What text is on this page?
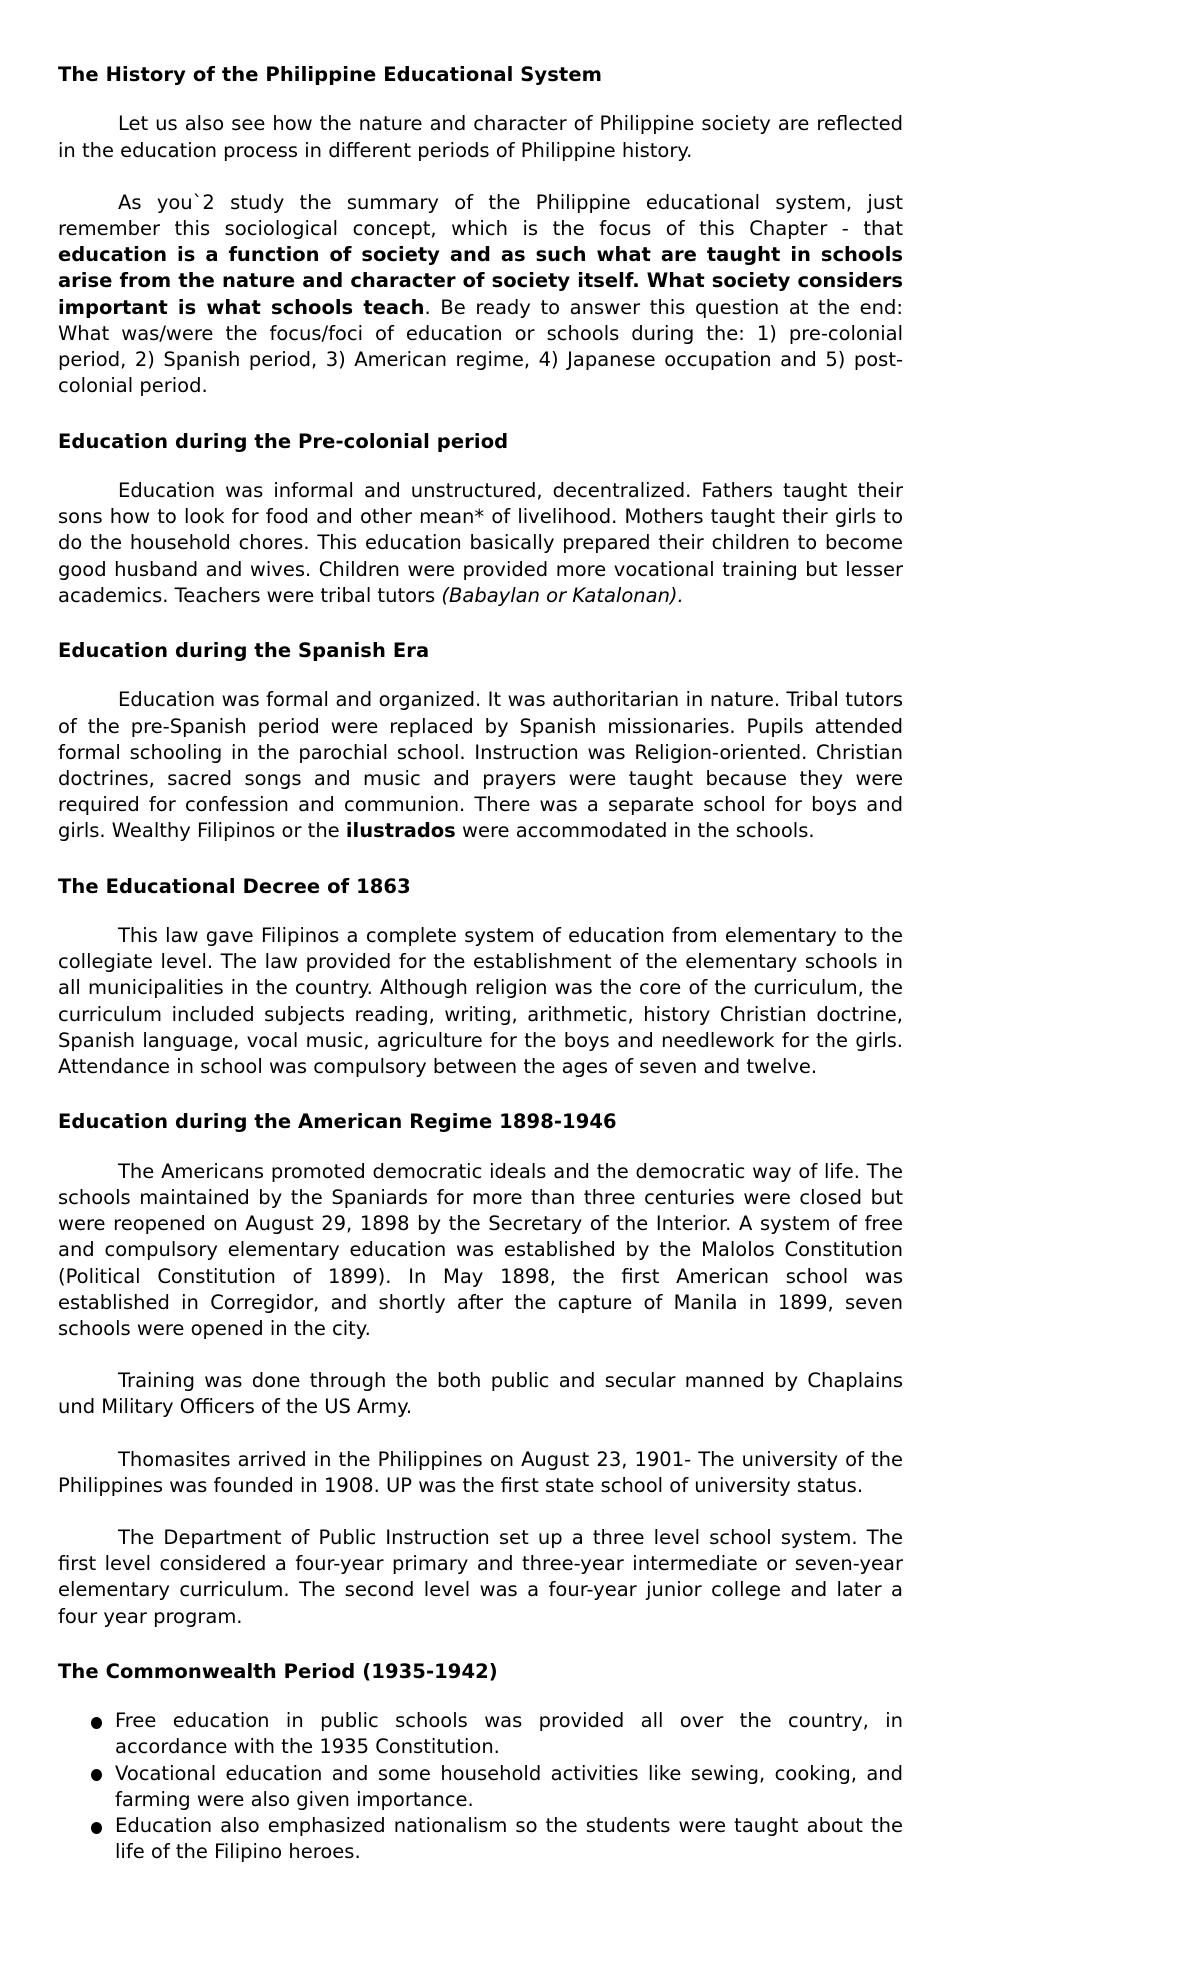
The History of the Philippine Educational System

Let us also see how the nature and character of Philippine society are reflected in the education process in different periods of Philippine history.

As you`2 study the summary of the Philippine educational system, just remember this sociological concept, which is the focus of this Chapter - that education is a function of society and as such what are taught in schools arise from the nature and character of society itself. What society considers important is what schools teach. Be ready to answer this question at the end: What was/were the focus/foci of education or schools during the: 1) pre-colonial period, 2) Spanish period, 3) American regime, 4) Japanese occupation and 5) post-colonial period.

Education during the Pre-colonial period

Education was informal and unstructured, decentralized. Fathers taught their sons how to look for food and other mean* of livelihood. Mothers taught their girls to do the household chores. This education basically prepared their children to become good husband and wives. Children were provided more vocational training but lesser academics. Teachers were tribal tutors (Babaylan or Katalonan).

Education during the Spanish Era

Education was formal and organized. It was authoritarian in nature. Tribal tutors of the pre-Spanish period were replaced by Spanish missionaries. Pupils attended formal schooling in the parochial school. Instruction was Religion-oriented. Christian doctrines, sacred songs and music and prayers were taught because they were required for confession and communion. There was a separate school for boys and girls. Wealthy Filipinos or the ilustrados were accommodated in the schools.

The Educational Decree of 1863

This law gave Filipinos a complete system of education from elementary to the collegiate level. The law provided for the establishment of the elementary schools in all municipalities in the country. Although religion was the core of the curriculum, the curriculum included subjects reading, writing, arithmetic, history Christian doctrine, Spanish language, vocal music, agriculture for the boys and needlework for the girls. Attendance in school was compulsory between the ages of seven and twelve.

Education during the American Regime 1898-1946

The Americans promoted democratic ideals and the democratic way of life. The schools maintained by the Spaniards for more than three centuries were closed but were reopened on August 29, 1898 by the Secretary of the Interior. A system of free and compulsory elementary education was established by the Malolos Constitution (Political Constitution of 1899). In May 1898, the first American school was established in Corregidor, and shortly after the capture of Manila in 1899, seven schools were opened in the city.

Training was done through the both public and secular manned by Chaplains und Military Officers of the US Army.

Thomasites arrived in the Philippines on August 23, 1901- The university of the Philippines was founded in 1908. UP was the first state school of university status.

The Department of Public Instruction set up a three level school system. The first level considered a four-year primary and three-year intermediate or seven-year elementary curriculum. The second level was a four-year junior college and later a four year program.

The Commonwealth Period (1935-1942)
Free education in public schools was provided all over the country, in accordance with the 1935 Constitution.
Vocational education and some household activities like sewing, cooking, and farming were also given importance.
Education also emphasized nationalism so the students were taught about the life of the Filipino heroes.
